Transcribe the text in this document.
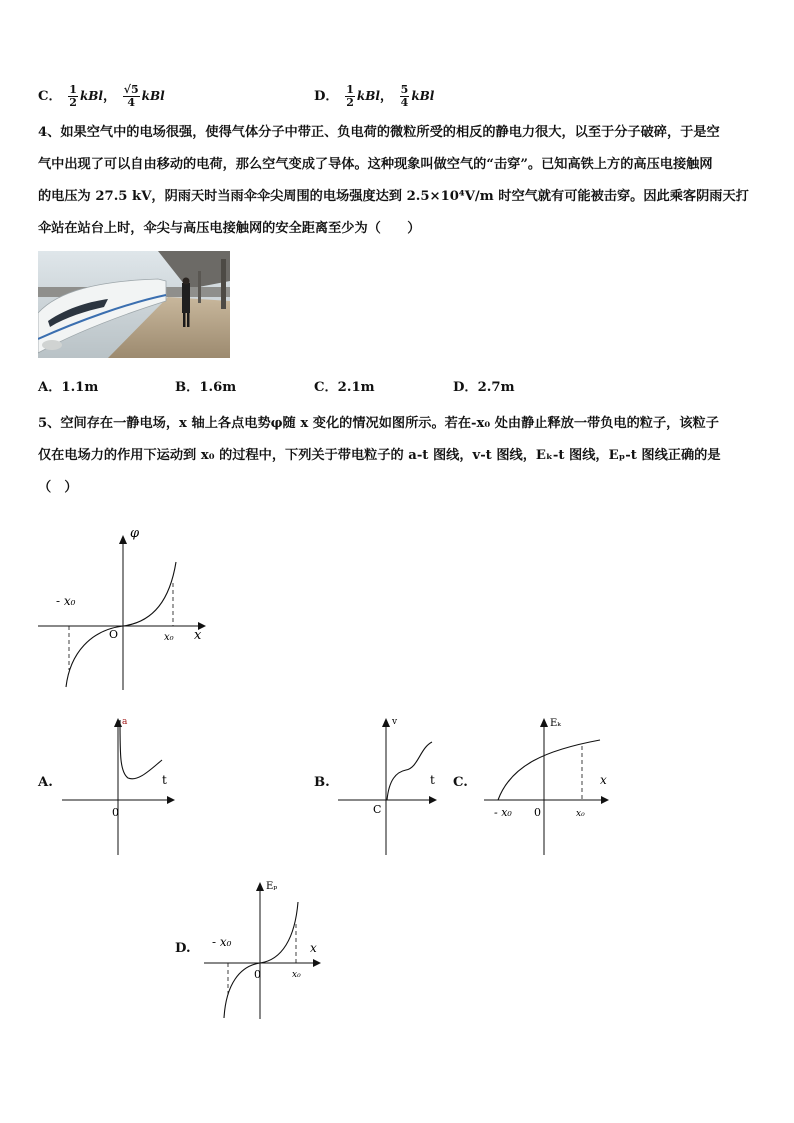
C． $\frac{1}{2}$ kBl， $\frac{√5}{4}$ kBl	D． $\frac{1}{2}$ kBl， $\frac{5}{4}$ kBl
4、如果空气中的电场很强，使得气体分子中带正、负电荷的微粒所受的相反的静电力很大，以至于分子破碎，于是空
气中出现了可以自由移动的电荷，那么空气变成了导体。这种现象叫做空气的“击穿”。已知高铁上方的高压电接触网
的电压为 27.5 kV，阴雨天时当雨伞伞尖周围的电场强度达到 2.5×10⁴V/m 时空气就有可能被击穿。因此乘客阴雨天打
伞站在站台上时，伞尖与高压电接触网的安全距离至少为（　　）
A．1.1m	B．1.6m	C．2.1m	D．2.7m
5、空间存在一静电场，x 轴上各点电势φ随 x 变化的情况如图所示。若在-x₀ 处由静止释放一带负电的粒子，该粒子
仅在电场力的作用下运动到 x₀ 的过程中，下列关于带电粒子的 a-t 图线，v-t 图线，Eₖ-t 图线，Eₚ-t 图线正确的是
（　）
φ
x
O
- x₀
x₀
A.
a
t
0
B.
v
t
C
C.
Eₖ
x
0
- x₀	x₀
D.
Eₚ
x
0
- x₀
x₀
